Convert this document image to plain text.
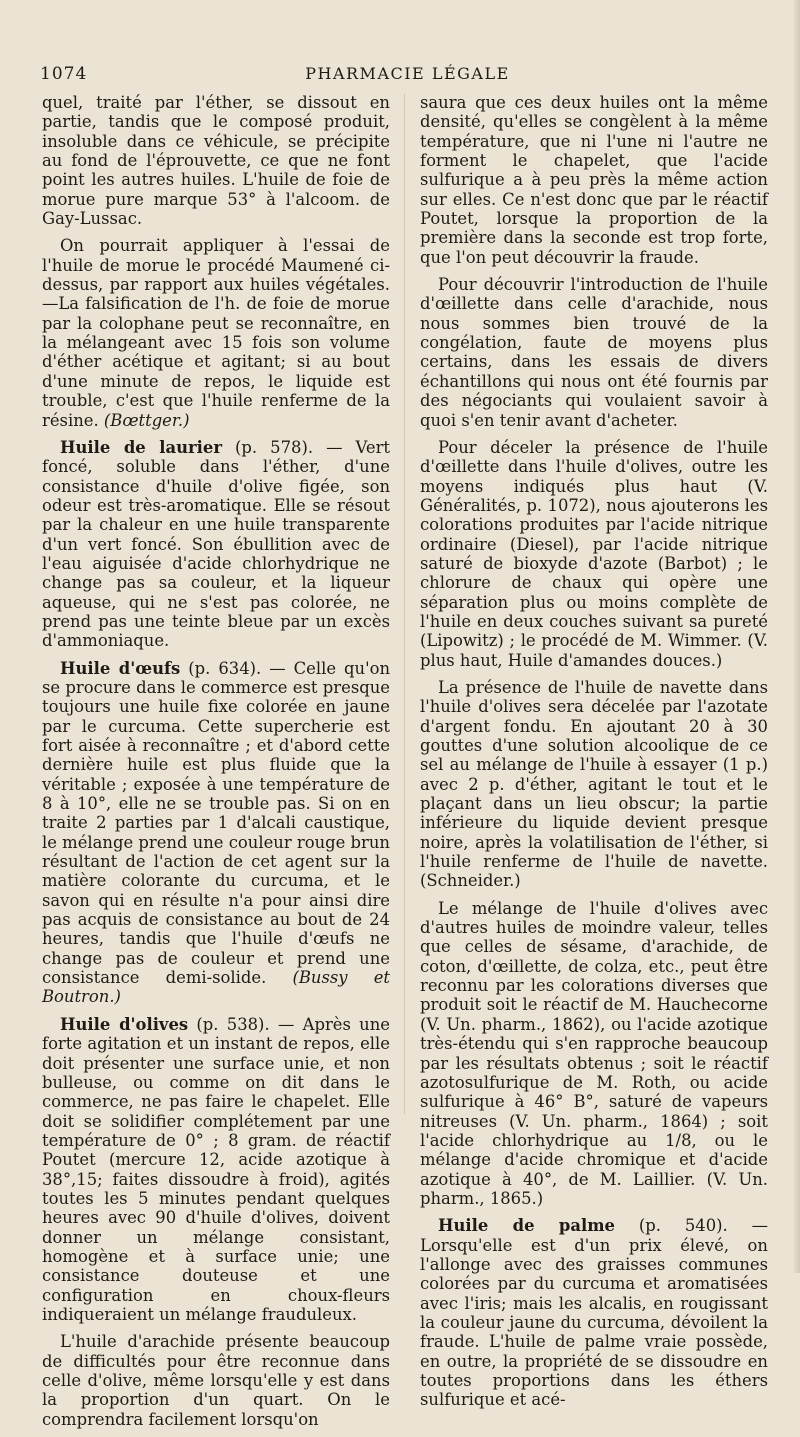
1074	PHARMACIE LÉGALE

quel, traité par l'éther, se dissout en partie, tandis que le composé produit, insoluble dans ce véhicule, se précipite au fond de l'éprouvette, ce que ne font point les autres huiles. L'huile de foie de morue pure marque 53° à l'alcoom. de Gay-Lussac.

On pourrait appliquer à l'essai de l'huile de morue le procédé Maumené ci-dessus, par rapport aux huiles végétales. —La falsification de l'h. de foie de morue par la colophane peut se reconnaître, en la mélangeant avec 15 fois son volume d'éther acétique et agitant; si au bout d'une minute de repos, le liquide est trouble, c'est que l'huile renferme de la résine. (Bœttger.)

Huile de laurier (p. 578). — Vert foncé, soluble dans l'éther, d'une consistance d'huile d'olive figée, son odeur est très-aromatique. Elle se résout par la chaleur en une huile transparente d'un vert foncé. Son ébullition avec de l'eau aiguisée d'acide chlorhydrique ne change pas sa couleur, et la liqueur aqueuse, qui ne s'est pas colorée, ne prend pas une teinte bleue par un excès d'ammoniaque.

Huile d'œufs (p. 634). — Celle qu'on se procure dans le commerce est presque toujours une huile fixe colorée en jaune par le curcuma. Cette supercherie est fort aisée à reconnaître ; et d'abord cette dernière huile est plus fluide que la véritable ; exposée à une température de 8 à 10°, elle ne se trouble pas. Si on en traite 2 parties par 1 d'alcali caustique, le mélange prend une couleur rouge brun résultant de l'action de cet agent sur la matière colorante du curcuma, et le savon qui en résulte n'a pour ainsi dire pas acquis de consistance au bout de 24 heures, tandis que l'huile d'œufs ne change pas de couleur et prend une consistance demi-solide. (Bussy et Boutron.)

Huile d'olives (p. 538). — Après une forte agitation et un instant de repos, elle doit présenter une surface unie, et non bulleuse, ou comme on dit dans le commerce, ne pas faire le chapelet. Elle doit se solidifier complétement par une température de 0° ; 8 gram. de réactif Poutet (mercure 12, acide azotique à 38°,15; faites dissoudre à froid), agités toutes les 5 minutes pendant quelques heures avec 90 d'huile d'olives, doivent donner un mélange consistant, homogène et à surface unie; une consistance douteuse et une configuration en choux-fleurs indiqueraient un mélange frauduleux.

L'huile d'arachide présente beaucoup de difficultés pour être reconnue dans celle d'olive, même lorsqu'elle y est dans la proportion d'un quart. On le comprendra facilement lorsqu'on

saura que ces deux huiles ont la même densité, qu'elles se congèlent à la même température, que ni l'une ni l'autre ne forment le chapelet, que l'acide sulfurique a à peu près la même action sur elles. Ce n'est donc que par le réactif Poutet, lorsque la proportion de la première dans la seconde est trop forte, que l'on peut découvrir la fraude.

Pour découvrir l'introduction de l'huile d'œillette dans celle d'arachide, nous nous sommes bien trouvé de la congélation, faute de moyens plus certains, dans les essais de divers échantillons qui nous ont été fournis par des négociants qui voulaient savoir à quoi s'en tenir avant d'acheter.

Pour déceler la présence de l'huile d'œillette dans l'huile d'olives, outre les moyens indiqués plus haut (V. Généralités, p. 1072), nous ajouterons les colorations produites par l'acide nitrique ordinaire (Diesel), par l'acide nitrique saturé de bioxyde d'azote (Barbot) ; le chlorure de chaux qui opère une séparation plus ou moins complète de l'huile en deux couches suivant sa pureté (Lipowitz) ; le procédé de M. Wimmer. (V. plus haut, Huile d'amandes douces.)

La présence de l'huile de navette dans l'huile d'olives sera décelée par l'azotate d'argent fondu. En ajoutant 20 à 30 gouttes d'une solution alcoolique de ce sel au mélange de l'huile à essayer (1 p.) avec 2 p. d'éther, agitant le tout et le plaçant dans un lieu obscur; la partie inférieure du liquide devient presque noire, après la volatilisation de l'éther, si l'huile renferme de l'huile de navette. (Schneider.)

Le mélange de l'huile d'olives avec d'autres huiles de moindre valeur, telles que celles de sésame, d'arachide, de coton, d'œillette, de colza, etc., peut être reconnu par les colorations diverses que produit soit le réactif de M. Hauchecorne (V. Un. pharm., 1862), ou l'acide azotique très-étendu qui s'en rapproche beaucoup par les résultats obtenus ; soit le réactif azotosulfurique de M. Roth, ou acide sulfurique à 46° B°, saturé de vapeurs nitreuses (V. Un. pharm., 1864) ; soit l'acide chlorhydrique au 1/8, ou le mélange d'acide chromique et d'acide azotique à 40°, de M. Laillier. (V. Un. pharm., 1865.)

Huile de palme (p. 540). — Lorsqu'elle est d'un prix élevé, on l'allonge avec des graisses communes colorées par du curcuma et aromatisées avec l'iris; mais les alcalis, en rougissant la couleur jaune du curcuma, dévoilent la fraude. L'huile de palme vraie possède, en outre, la propriété de se dissoudre en toutes proportions dans les éthers sulfurique et acé-
